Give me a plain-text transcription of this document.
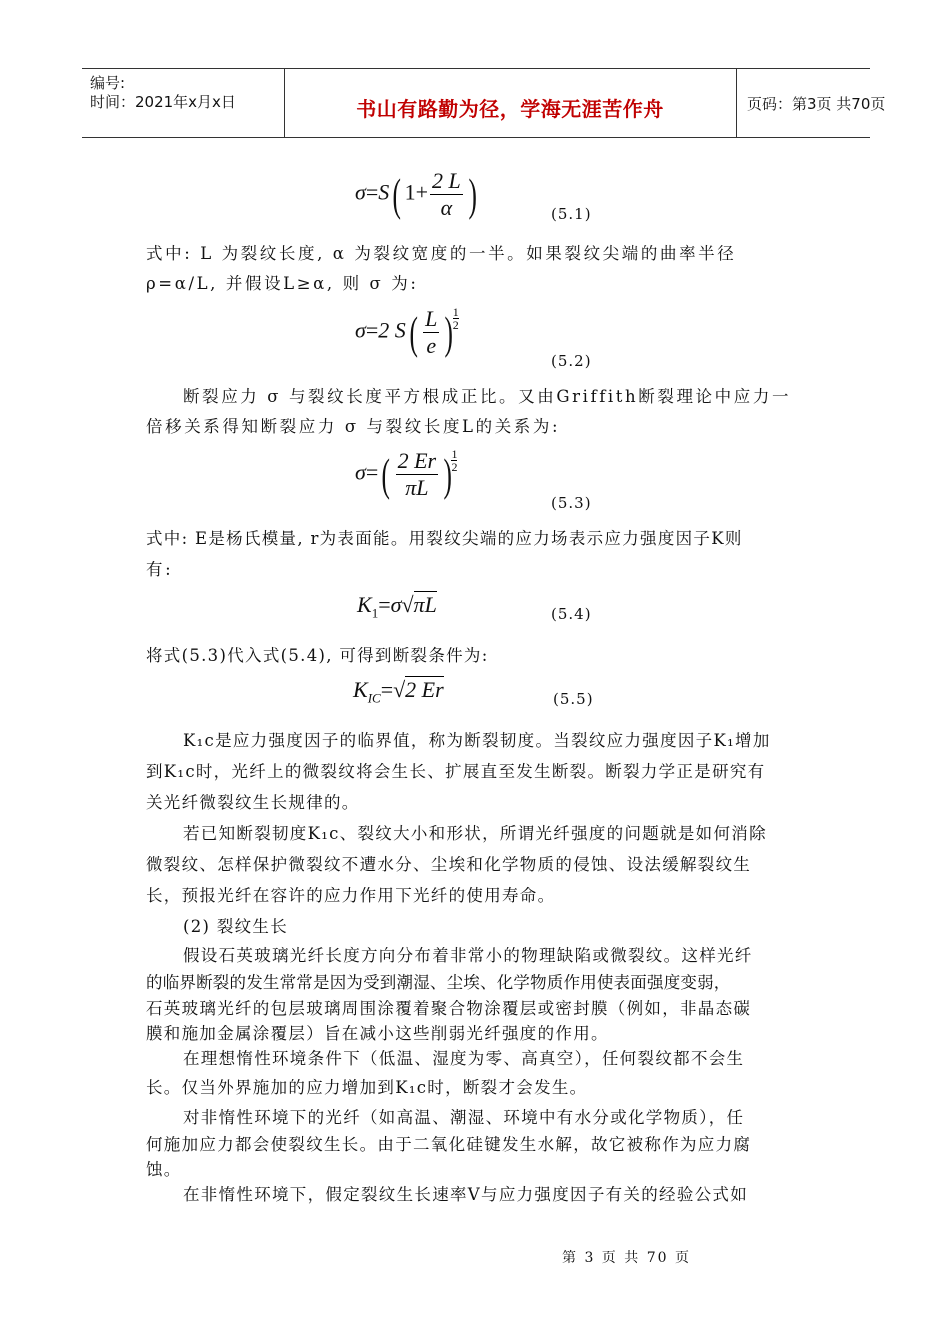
编号:
时间：2021年x月x日	书山有路勤为径，学海无涯苦作舟	页码：第3页 共70页
σ=S( $1+ \frac{2 L}{\alpha}$ )	(5.1)
式中: L 为裂纹长度, α 为裂纹宽度的一半。如果裂纹尖端的曲率半径
ρ=α/L, 并假设L≥α, 则 σ 为:
σ=2 $S( \frac{L}{e}$ ) $\frac{1}{2}$
(5.2)
断裂应力 σ 与裂纹长度平方根成正比。又由Griffith断裂理论中应力一
倍移关系得知断裂应力 σ 与裂纹长度L的关系为:
$\sigma=( \frac{2 Er}{\pi L}$ ) $\frac{1}{2}$
(5.3)
式中: E是杨氏模量, r为表面能。用裂纹尖端的应力场表示应力强度因子K则
有:
$K_1=\sigma√\pi L$	(5.4)
将式(5.3)代入式(5.4), 可得到断裂条件为:
$K_{IC}=√2$ Er	(5.5)
K₁c是应力强度因子的临界值，称为断裂韧度。当裂纹应力强度因子K₁增加
到K₁c时，光纤上的微裂纹将会生长、扩展直至发生断裂。断裂力学正是研究有
关光纤微裂纹生长规律的。
若已知断裂韧度K₁c、裂纹大小和形状，所谓光纤强度的问题就是如何消除
微裂纹、怎样保护微裂纹不遭水分、尘埃和化学物质的侵蚀、设法缓解裂纹生
长，预报光纤在容许的应力作用下光纤的使用寿命。
(2) 裂纹生长
假设石英玻璃光纤长度方向分布着非常小的物理缺陷或微裂纹。这样光纤
的临界断裂的发生常常是因为受到潮湿、尘埃、化学物质作用使表面强度变弱，
石英玻璃光纤的包层玻璃周围涂覆着聚合物涂覆层或密封膜（例如，非晶态碳
膜和施加金属涂覆层）旨在减小这些削弱光纤强度的作用。
在理想惰性环境条件下（低温、湿度为零、高真空），任何裂纹都不会生
长。仅当外界施加的应力增加到K₁c时，断裂才会发生。
对非惰性环境下的光纤（如高温、潮湿、环境中有水分或化学物质），任
何施加应力都会使裂纹生长。由于二氧化硅键发生水解，故它被称作为应力腐
蚀。
在非惰性环境下，假定裂纹生长速率V与应力强度因子有关的经验公式如
第 3 页 共 70 页
